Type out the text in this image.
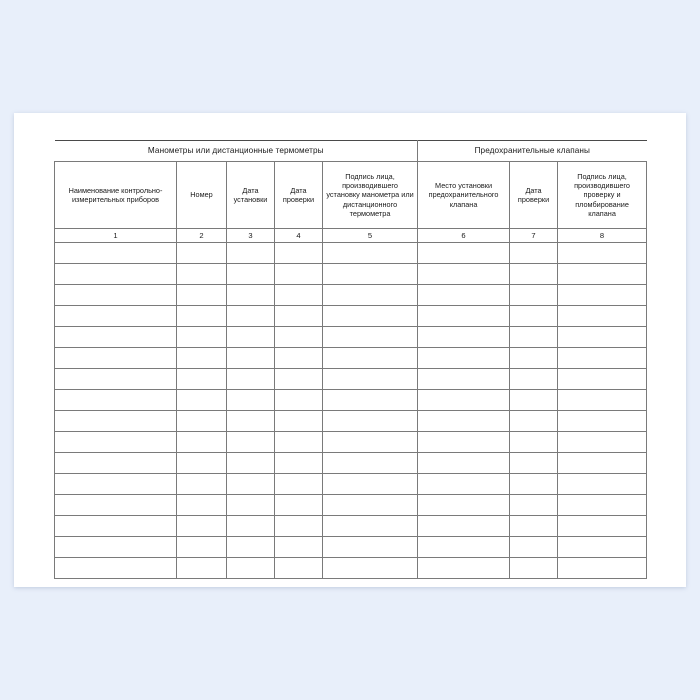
Манометры или дистанционные термометры					Предохранительные клапаны		
Наименование контрольно-измерительных приборов	Номер	Дата установки	Дата проверки	Подпись лица, производившего установку манометра или дистанционного термометра	Место установки предохранительного клапана	Дата проверки	Подпись лица, производившего проверку и пломбирование клапана
1	2	3	4	5	6	7	8
